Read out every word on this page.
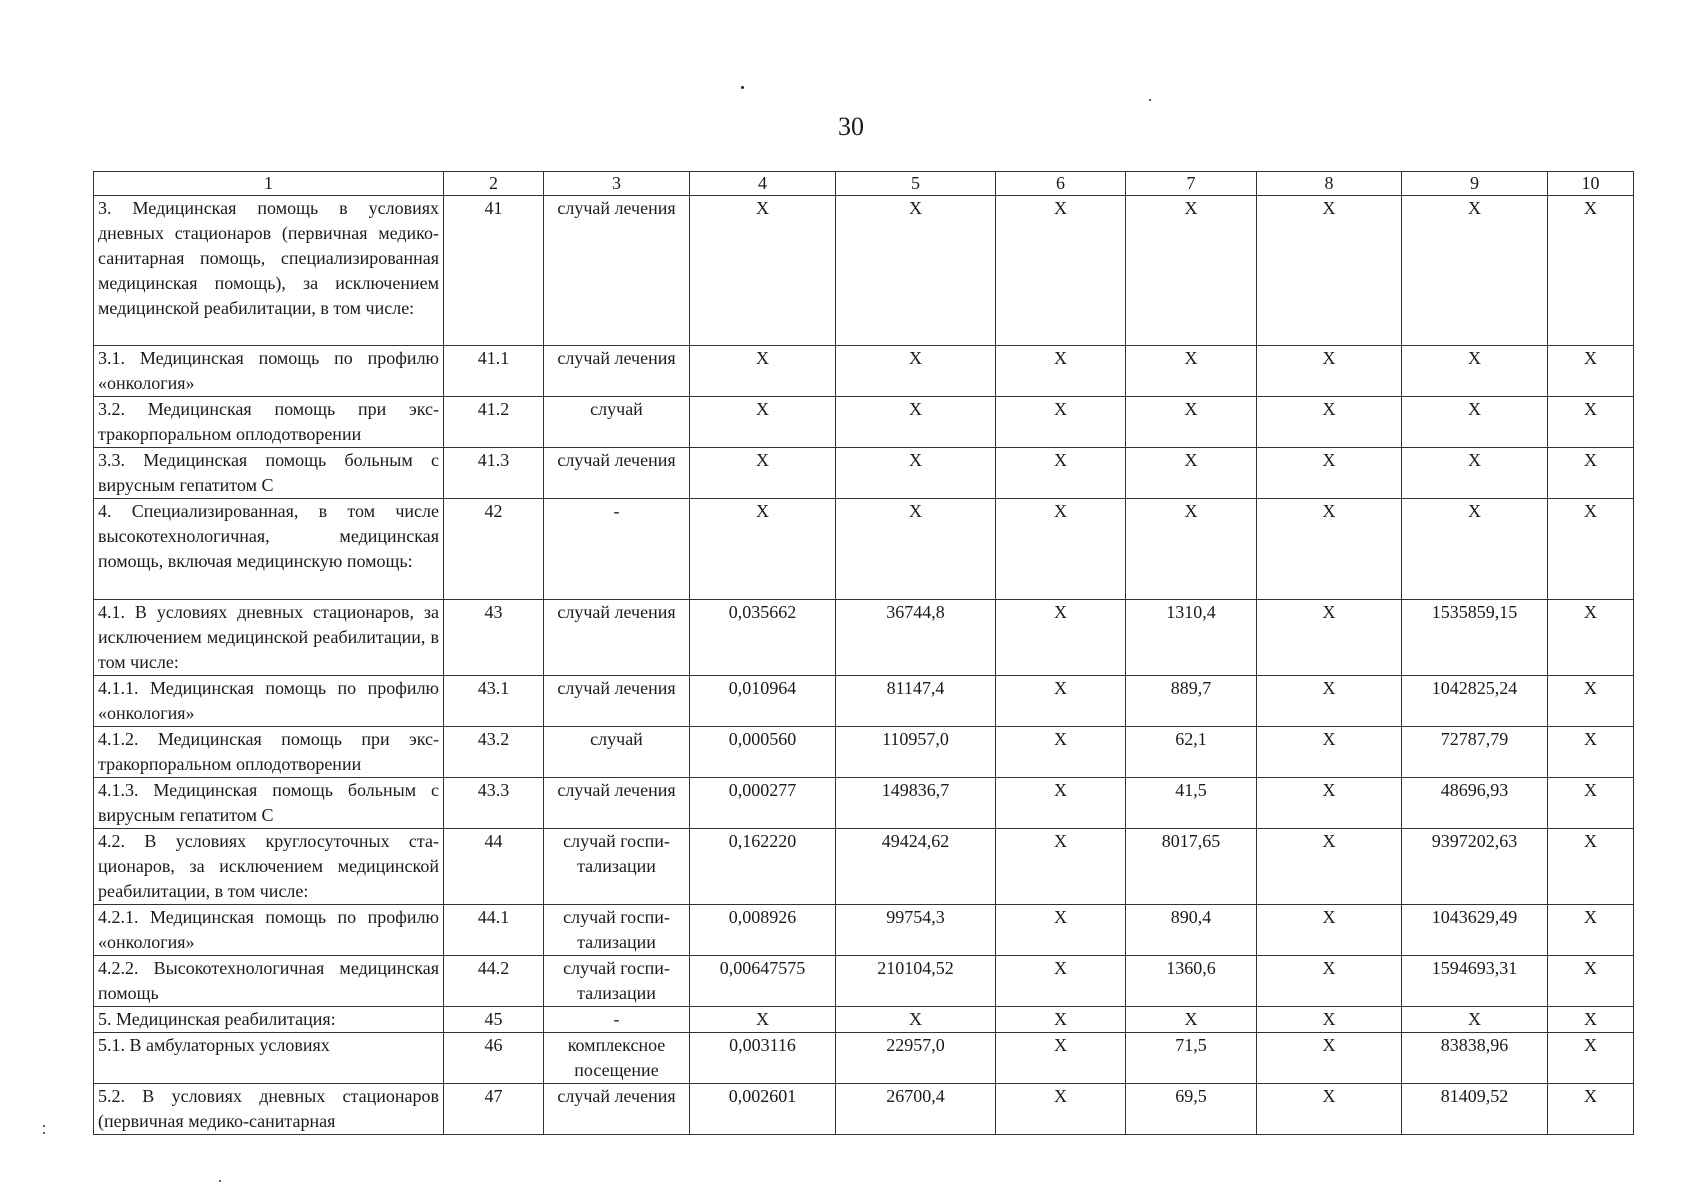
30
1	2	3	4	5	6	7	8	9	10
3. Медицинская помощь в условиях дневных стационаров (первичная медико-санитарная помощь, специализированная медицинская помощь), за исключением медицинской реабилитации, в том числе:	41	случай лечения	X	X	X	X	X	X	X
3.1. Медицинская помощь по профилю «онкология»	41.1	случай лечения	X	X	X	X	X	X	X
3.2. Медицинская помощь при экстракорпоральном оплодотворении	41.2	случай	X	X	X	X	X	X	X
3.3. Медицинская помощь больным с вирусным гепатитом С	41.3	случай лечения	X	X	X	X	X	X	X
4. Специализированная, в том числе высокотехнологичная, медицинская помощь, включая медицинскую помощь:	42	-	X	X	X	X	X	X	X
4.1. В условиях дневных стационаров, за исключением медицинской реабилитации, в том числе:	43	случай лечения	0,035662	36744,8	X	1310,4	X	1535859,15	X
4.1.1. Медицинская помощь по профилю «онкология»	43.1	случай лечения	0,010964	81147,4	X	889,7	X	1042825,24	X
4.1.2. Медицинская помощь при экстракорпоральном оплодотворении	43.2	случай	0,000560	110957,0	X	62,1	X	72787,79	X
4.1.3. Медицинская помощь больным с вирусным гепатитом С	43.3	случай лечения	0,000277	149836,7	X	41,5	X	48696,93	X
4.2. В условиях круглосуточных стационаров, за исключением медицинской реабилитации, в том числе:	44	случай госпитализации	0,162220	49424,62	X	8017,65	X	9397202,63	X
4.2.1. Медицинская помощь по профилю «онкология»	44.1	случай госпитализации	0,008926	99754,3	X	890,4	X	1043629,49	X
4.2.2. Высокотехнологичная медицинская помощь	44.2	случай госпитализации	0,00647575	210104,52	X	1360,6	X	1594693,31	X
5. Медицинская реабилитация:	45	-	X	X	X	X	X	X	X
5.1. В амбулаторных условиях	46	комплексное посещение	0,003116	22957,0	X	71,5	X	83838,96	X
5.2. В условиях дневных стационаров (первичная медико-санитарная	47	случай лечения	0,002601	26700,4	X	69,5	X	81409,52	X
